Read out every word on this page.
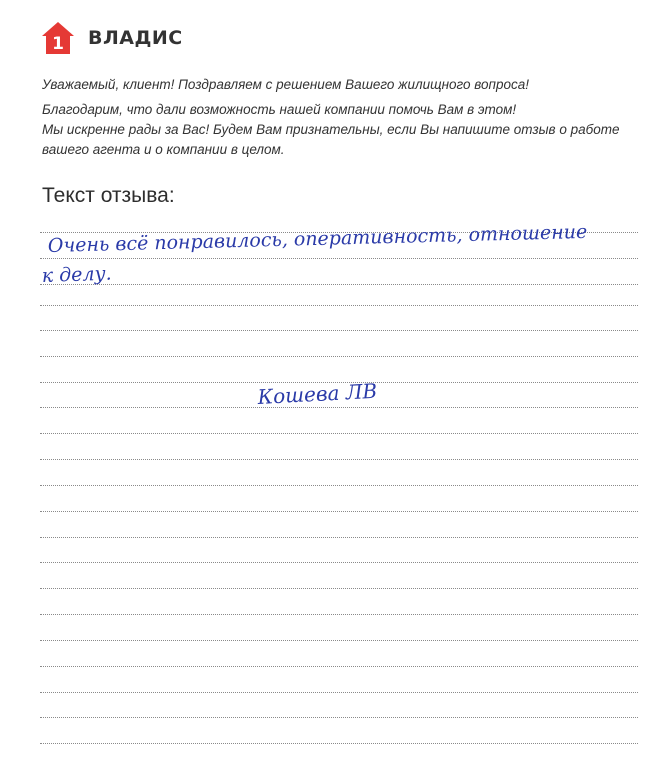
1 ВЛАДИС

Уважаемый, клиент! Поздравляем с решением Вашего жилищного вопроса!

Благодарим, что дали возможность нашей компании помочь Вам в этом!

Мы искренне рады за Вас! Будем Вам признательны, если Вы напишите отзыв о работе вашего агента и о компании в целом.

Текст отзыва:
Очень всё понравилось, оперативность, отношение
к делу.
Кошева ЛВ
